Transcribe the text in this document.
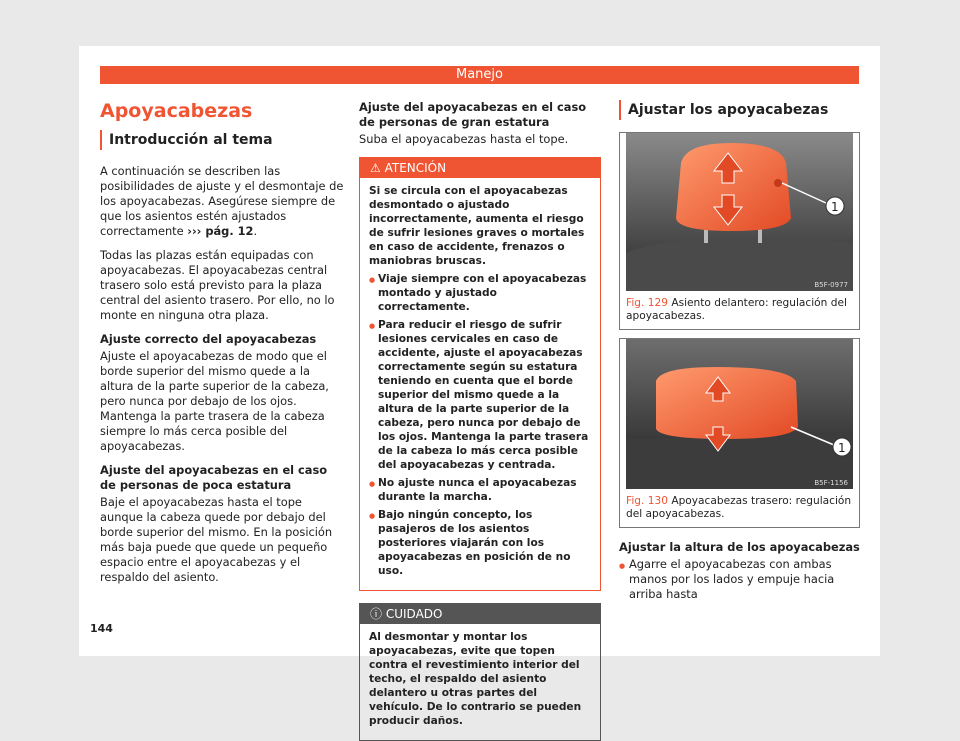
Manejo
Apoyacabezas
Introducción al tema

A continuación se describen las posibilidades de ajuste y el desmontaje de los apoyacabezas. Asegúrese siempre de que los asientos estén ajustados correctamente ››› pág. 12.

Todas las plazas están equipadas con apoyacabezas. El apoyacabezas central trasero solo está previsto para la plaza central del asiento trasero. Por ello, no lo monte en ninguna otra plaza.

Ajuste correcto del apoyacabezas

Ajuste el apoyacabezas de modo que el borde superior del mismo quede a la altura de la parte superior de la cabeza, pero nunca por debajo de los ojos. Mantenga la parte trasera de la cabeza siempre lo más cerca posible del apoyacabezas.

Ajuste del apoyacabezas en el caso de personas de poca estatura

Baje el apoyacabezas hasta el tope aunque la cabeza quede por debajo del borde superior del mismo. En la posición más baja puede que quede un pequeño espacio entre el apoyacabezas y el respaldo del asiento.

Ajuste del apoyacabezas en el caso de personas de gran estatura

Suba el apoyacabezas hasta el tope.

⚠ ATENCIÓN

Si se circula con el apoyacabezas desmontado o ajustado incorrectamente, aumenta el riesgo de sufrir lesiones graves o mortales en caso de accidente, frenazos o maniobras bruscas.

● Viaje siempre con el apoyacabezas montado y ajustado correctamente.

● Para reducir el riesgo de sufrir lesiones cervicales en caso de accidente, ajuste el apoyacabezas correctamente según su estatura teniendo en cuenta que el borde superior del mismo quede a la altura de la parte superior de la cabeza, pero nunca por debajo de los ojos. Mantenga la parte trasera de la cabeza lo más cerca posible del apoyacabezas y centrada.

● No ajuste nunca el apoyacabezas durante la marcha.

● Bajo ningún concepto, los pasajeros de los asientos posteriores viajarán con los apoyacabezas en posición de no uso.

ⓘ CUIDADO

Al desmontar y montar los apoyacabezas, evite que topen contra el revestimiento interior del techo, el respaldo del asiento delantero u otras partes del vehículo. De lo contrario se pueden producir daños.

Ajustar los apoyacabezas
1
B5F-0977
Fig. 129 Asiento delantero: regulación del apoyacabezas.
1
B5F-1156
Fig. 130 Apoyacabezas trasero: regulación del apoyacabezas.
Ajustar la altura de los apoyacabezas

● Agarre el apoyacabezas con ambas manos por los lados y empuje hacia arriba hasta

144
